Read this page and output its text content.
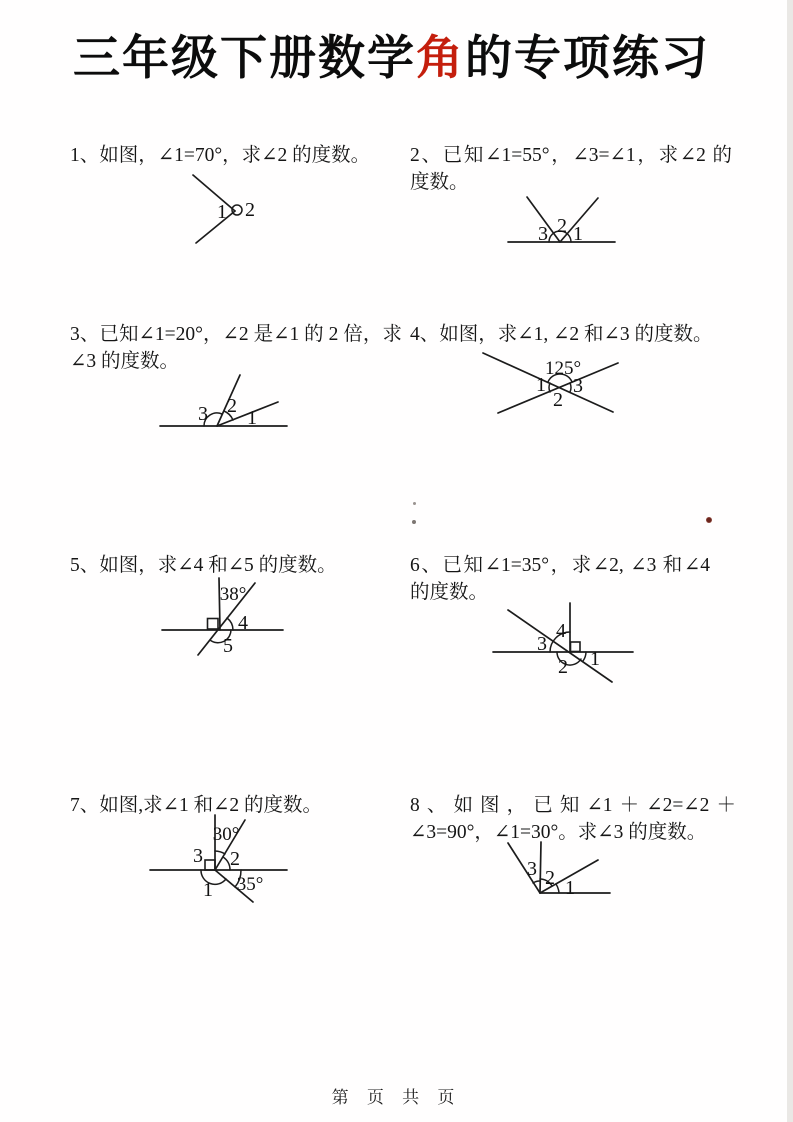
三年级下册数学角的专项练习

1、如图，∠1=70°，求∠2 的度数。

1 2

2、已知∠1=55°，∠3=∠1，求∠2 的度数。

3 2 1

3、已知∠1=20°，∠2 是∠1 的 2 倍，求∠3 的度数。

3 2
1

4、如图，求∠1, ∠2 和∠3 的度数。

125°
1 3
2

5、如图，求∠4 和∠5 的度数。

38°
4
5

6、已知∠1=35°，求∠2, ∠3 和∠4 的度数。

4
3
2 1

7、如图,求∠1 和∠2 的度数。

30°
3 2
1 35°

8、如图，已知∠1＋∠2=∠2＋∠3=90°，∠1=30°。求∠3 的度数。

3 2 1

第 页 共 页
